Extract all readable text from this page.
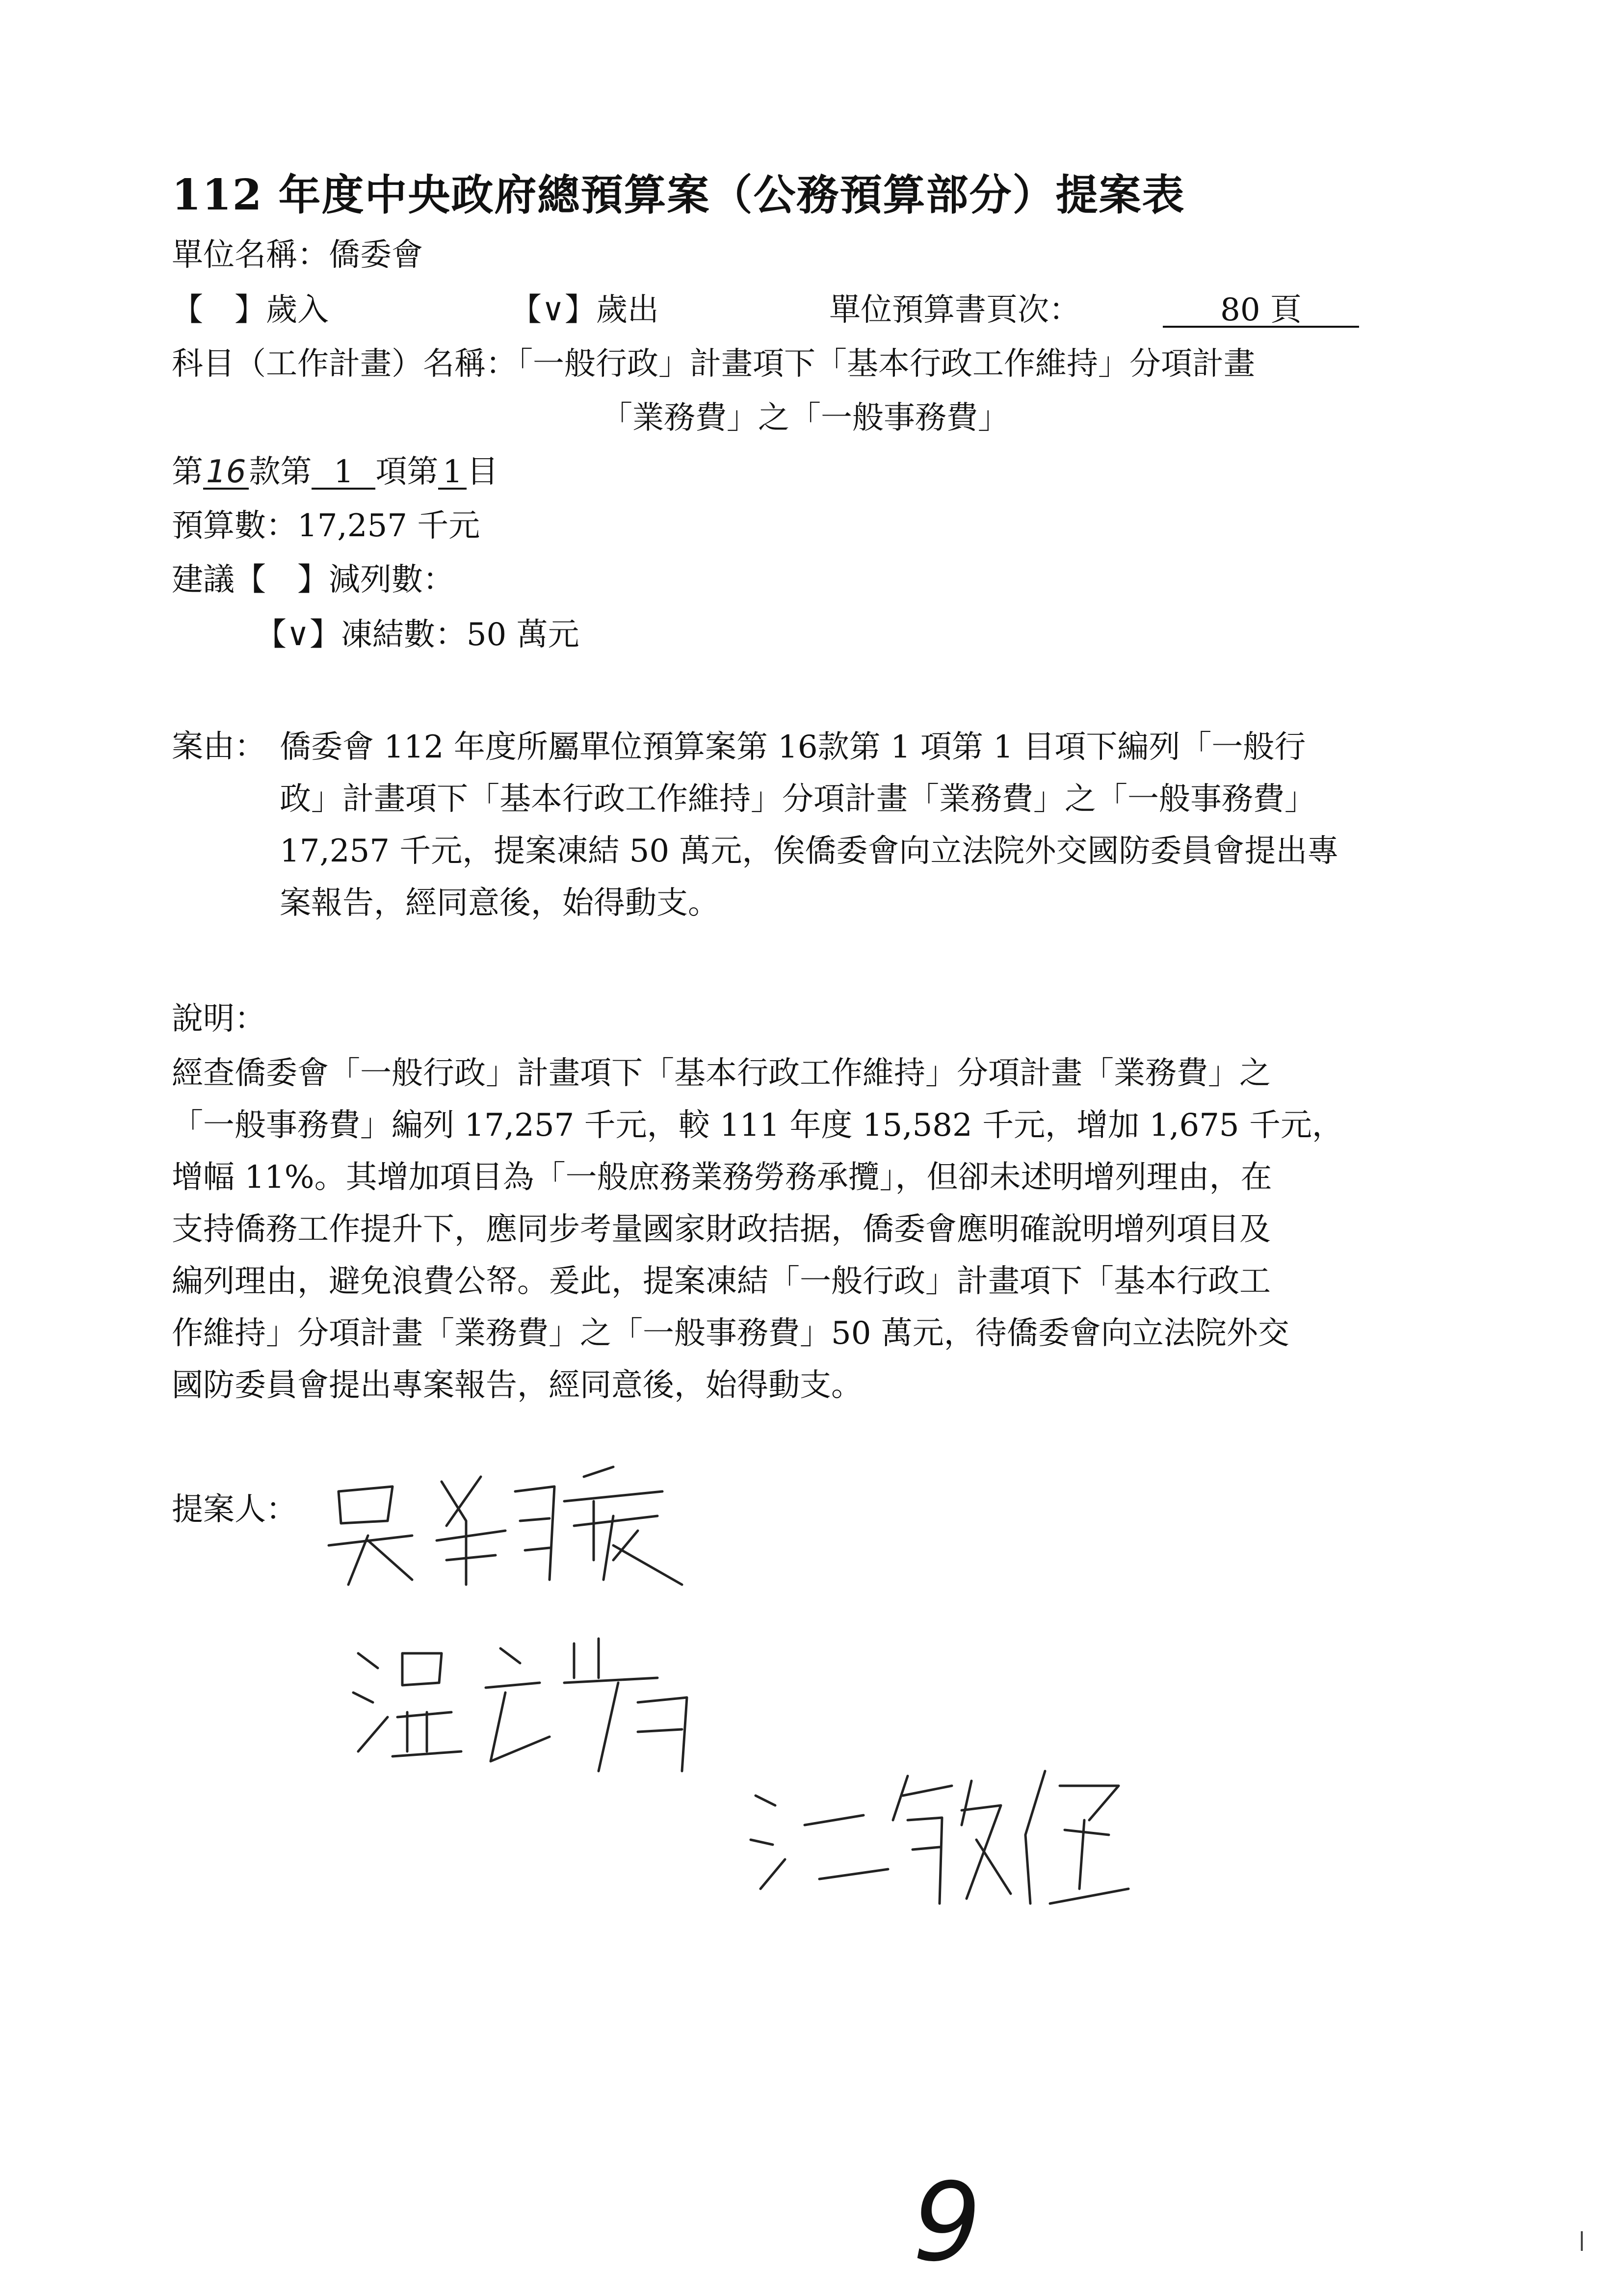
112 年度中央政府總預算案（公務預算部分）提案表
單位名稱：僑委會
【　】歲入	【∨】歲出	單位預算書頁次：	80 頁
科目（工作計畫）名稱：「一般行政」計畫項下「基本行政工作維持」分項計畫
「業務費」之「一般事務費」
第16款第 1 項第 1 目
預算數：17,257 千元
建議【　】減列數：
【∨】凍結數：50 萬元
案由： 僑委會 112 年度所屬單位預算案第 16款第 1 項第 1 目項下編列「一般行
政」計畫項下「基本行政工作維持」分項計畫「業務費」之「一般事務費」
17,257 千元，提案凍結 50 萬元，俟僑委會向立法院外交國防委員會提出專
案報告，經同意後，始得動支。
說明：
經查僑委會「一般行政」計畫項下「基本行政工作維持」分項計畫「業務費」之
「一般事務費」編列 17,257 千元，較 111 年度 15,582 千元，增加 1,675 千元，
增幅 11%。其增加項目為「一般庶務業務勞務承攬」，但卻未述明增列理由，在
支持僑務工作提升下，應同步考量國家財政拮据，僑委會應明確說明增列項目及
編列理由，避免浪費公帑。爰此，提案凍結「一般行政」計畫項下「基本行政工
作維持」分項計畫「業務費」之「一般事務費」50 萬元，待僑委會向立法院外交
國防委員會提出專案報告，經同意後，始得動支。
提案人：
9
